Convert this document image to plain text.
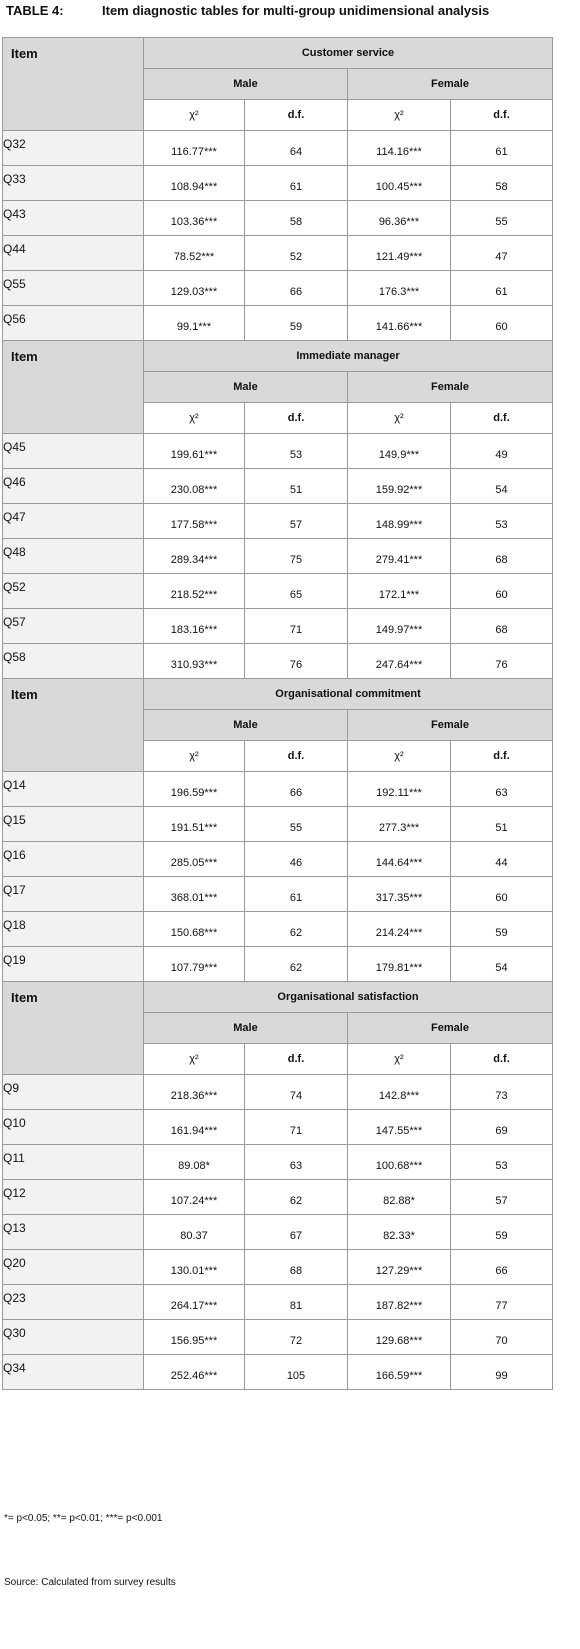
TABLE 4:	Item diagnostic tables for multi-group unidimensional analysis
Item	Customer service			
	Male		Female	
	χ²	d.f.	χ²	d.f.
Q32	116.77***	64	114.16***	61
Q33	108.94***	61	100.45***	58
Q43	103.36***	58	96.36***	55
Q44	78.52***	52	121.49***	47
Q55	129.03***	66	176.3***	61
Q56	99.1***	59	141.66***	60
Item	Immediate manager			
	Male		Female	
	χ²	d.f.	χ²	d.f.
Q45	199.61***	53	149.9***	49
Q46	230.08***	51	159.92***	54
Q47	177.58***	57	148.99***	53
Q48	289.34***	75	279.41***	68
Q52	218.52***	65	172.1***	60
Q57	183.16***	71	149.97***	68
Q58	310.93***	76	247.64***	76
Item	Organisational commitment			
	Male		Female	
	χ²	d.f.	χ²	d.f.
Q14	196.59***	66	192.11***	63
Q15	191.51***	55	277.3***	51
Q16	285.05***	46	144.64***	44
Q17	368.01***	61	317.35***	60
Q18	150.68***	62	214.24***	59
Q19	107.79***	62	179.81***	54
Item	Organisational satisfaction			
	Male		Female	
	χ²	d.f.	χ²	d.f.
Q9	218.36***	74	142.8***	73
Q10	161.94***	71	147.55***	69
Q11	89.08*	63	100.68***	53
Q12	107.24***	62	82.88*	57
Q13	80.37	67	82.33*	59
Q20	130.01***	68	127.29***	66
Q23	264.17***	81	187.82***	77
Q30	156.95***	72	129.68***	70
Q34	252.46***	105	166.59***	99
*= p<0.05; **= p<0.01; ***= p<0.001
Source: Calculated from survey results
